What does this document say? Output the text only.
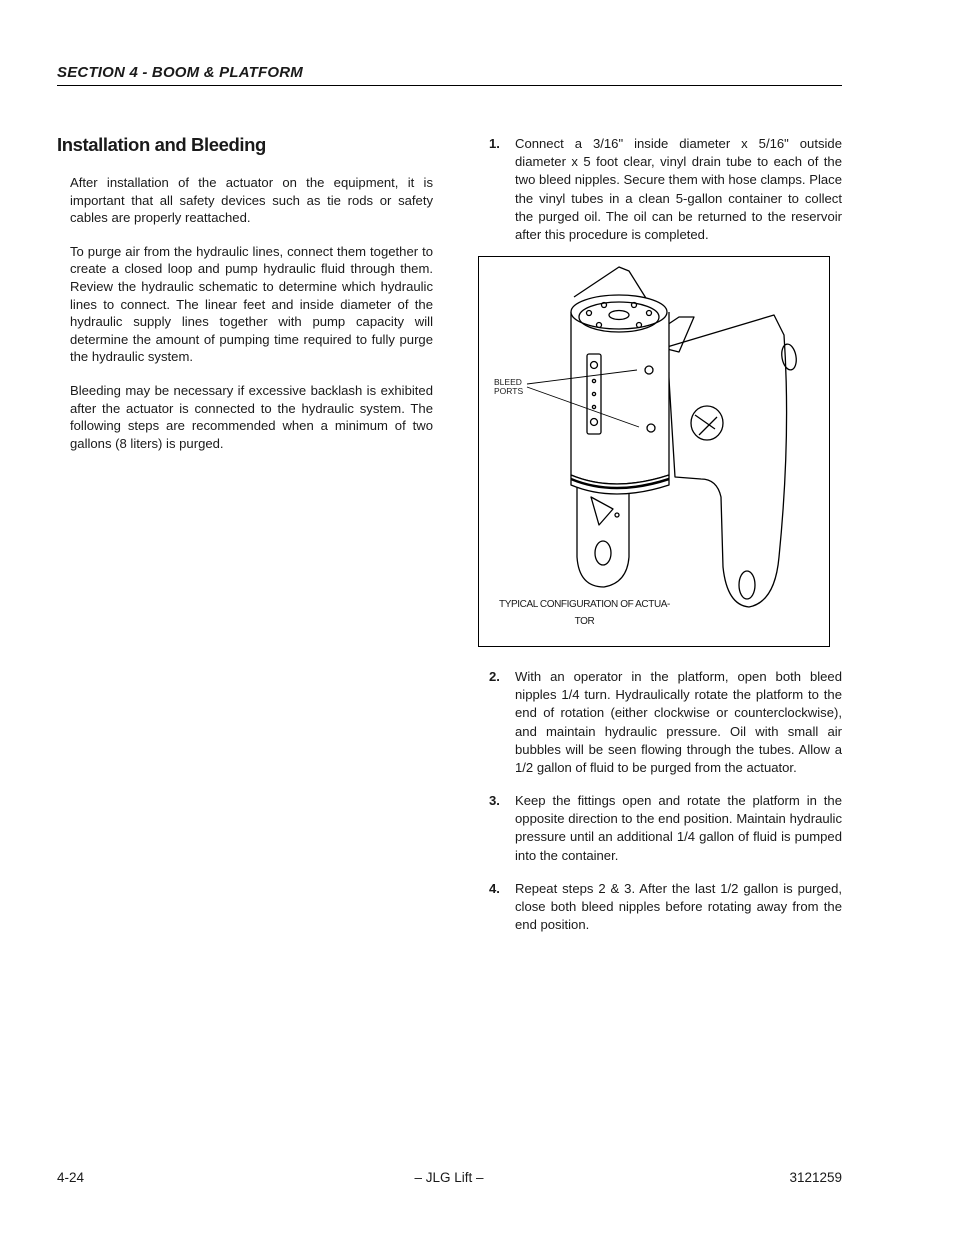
SECTION 4 - BOOM & PLATFORM
Installation and Bleeding

After installation of the actuator on the equipment, it is important that all safety devices such as tie rods or safety cables are properly reattached.

To purge air from the hydraulic lines, connect them together to create a closed loop and pump hydraulic fluid through them. Review the hydraulic schematic to determine which hydraulic lines to connect. The linear feet and inside diameter of the hydraulic supply lines together with pump capacity will determine the amount of pumping time required to fully purge the hydraulic system.

Bleeding may be necessary if excessive backlash is exhibited after the actuator is connected to the hydraulic system. The following steps are recommended when a minimum of two gallons (8 liters) is purged.

1.	Connect a 3/16" inside diameter x 5/16" outside diameter x 5 foot clear, vinyl drain tube to each of the two bleed nipples. Secure them with hose clamps. Place the vinyl tubes in a clean 5-gallon container to collect the purged oil. The oil can be returned to the reservoir after this procedure is completed.
2.	With an operator in the platform, open both bleed nipples 1/4 turn. Hydraulically rotate the platform to the end of rotation (either clockwise or counterclockwise), and maintain hydraulic pressure. Oil with small air bubbles will be seen flowing through the tubes. Allow a 1/2 gallon of fluid to be purged from the actuator.
3.	Keep the fittings open and rotate the platform in the opposite direction to the end position. Maintain hydraulic pressure until an additional 1/4 gallon of fluid is pumped into the container.
4.	Repeat steps 2 & 3. After the last 1/2 gallon is purged, close both bleed nipples before rotating away from the end position.
BLEED
PORTS
TYPICAL CONFIGURATION OF ACTUA- TOR
4-24	– JLG Lift –	3121259
